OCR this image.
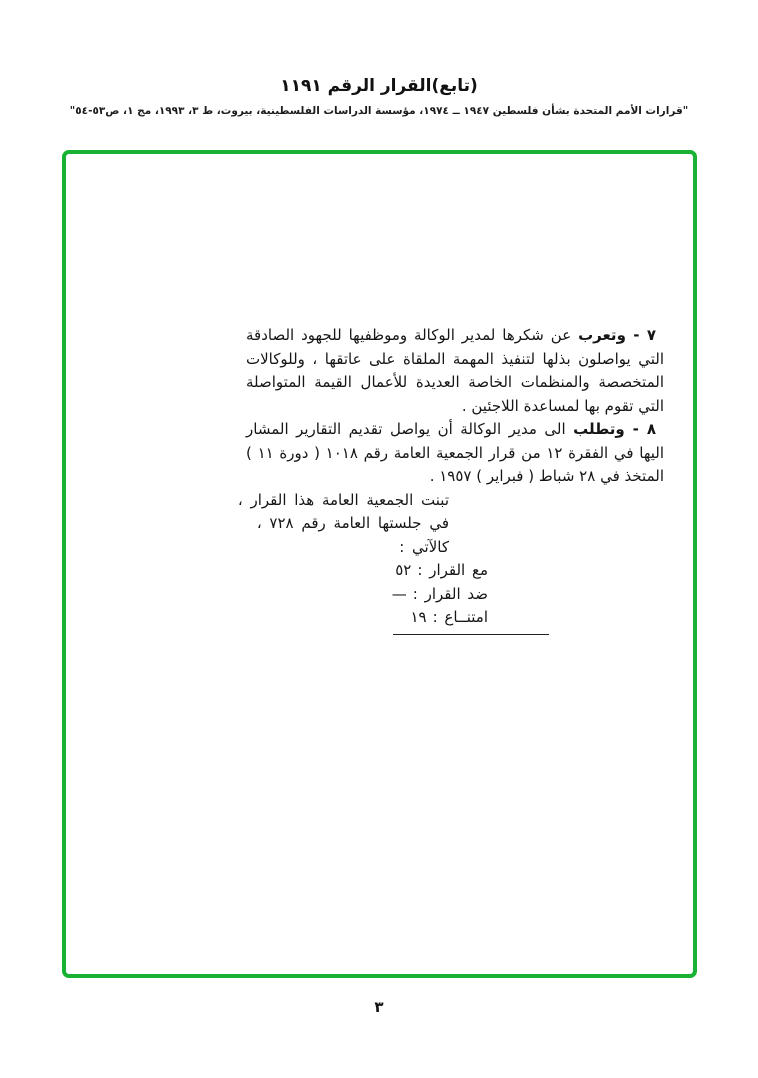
(تابع)القرار الرقم ١١٩١
"قرارات الأمم المتحدة بشأن فلسطين ١٩٤٧ ــ ١٩٧٤، مؤسسة الدراسات الفلسطينية، بيروت، ط ٣، ١٩٩٣، مج ١، ص٥٣-٥٤"
٧ - وتعرب عن شكرها لمدير الوكالة وموظفيها للجهود الصادقة
التي يواصلون بذلها لتنفيذ المهمة الملقاة على عاتقها ، وللوكالات
المتخصصة والمنظمات الخاصة العديدة للأعمال القيمة المتواصلة
التي تقوم بها لمساعدة اللاجئين .
٨ - وتطلب الى مدير الوكالة أن يواصل تقديم التقارير المشار
اليها في الفقرة ١٢ من قرار الجمعية العامة رقم ١٠١٨ ( دورة ١١ )
المتخذ في ٢٨ شباط ( فبراير ) ١٩٥٧ .
تبنت الجمعية العامة هذا القرار ،
في جلستها العامة رقم ٧٢٨ ،
كالآتي :
مع القرار :٥٢
ضد القرار :—
امتنــاع :١٩
٣
